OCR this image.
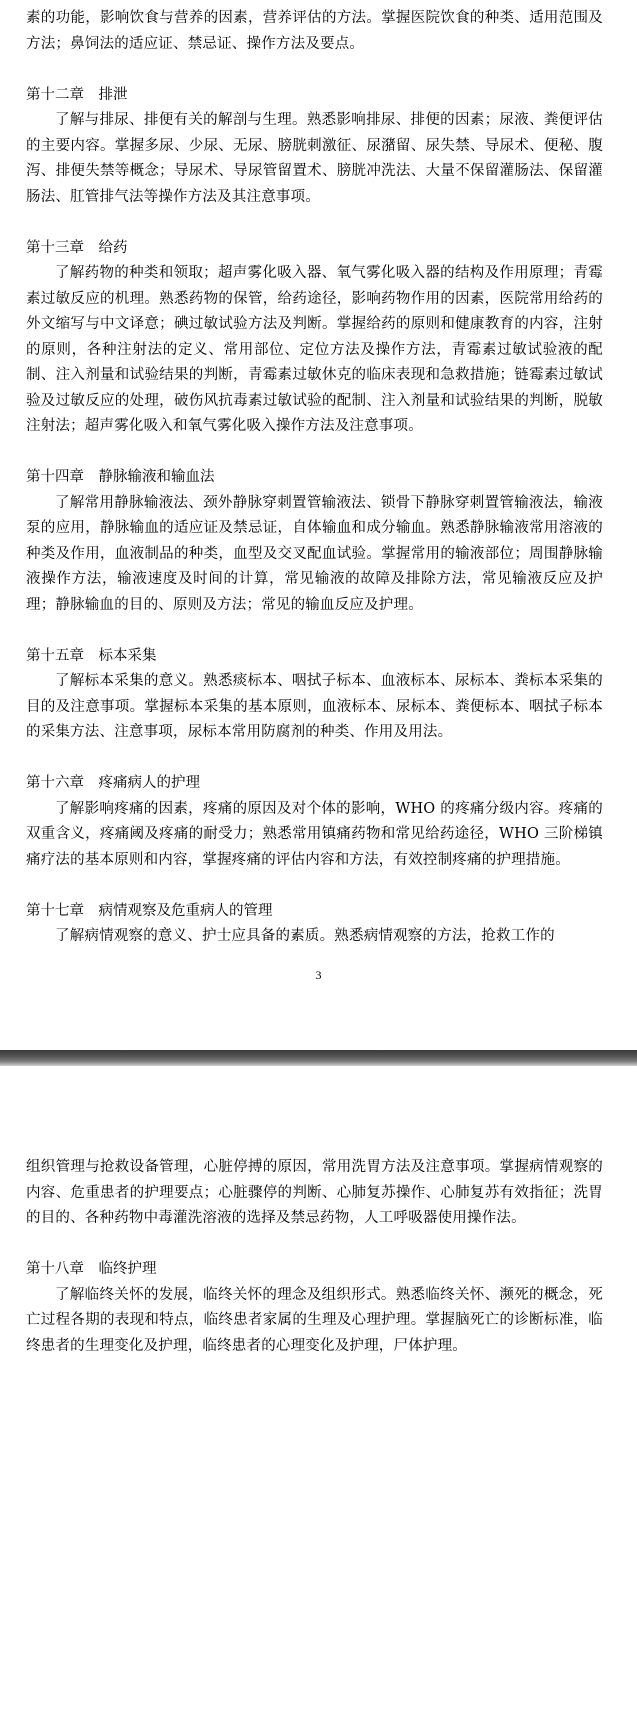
素的功能，影响饮食与营养的因素，营养评估的方法。掌握医院饮食的种类、适用范围及方法；鼻饲法的适应证、禁忌证、操作方法及要点。

第十二章　排泄

了解与排尿、排便有关的解剖与生理。熟悉影响排尿、排便的因素；尿液、粪便评估的主要内容。掌握多尿、少尿、无尿、膀胱刺激征、尿潴留、尿失禁、导尿术、便秘、腹泻、排便失禁等概念；导尿术、导尿管留置术、膀胱冲洗法、大量不保留灌肠法、保留灌肠法、肛管排气法等操作方法及其注意事项。

第十三章　给药

了解药物的种类和领取；超声雾化吸入器、氧气雾化吸入器的结构及作用原理；青霉素过敏反应的机理。熟悉药物的保管，给药途径，影响药物作用的因素，医院常用给药的外文缩写与中文译意；碘过敏试验方法及判断。掌握给药的原则和健康教育的内容，注射的原则，各种注射法的定义、常用部位、定位方法及操作方法，青霉素过敏试验液的配制、注入剂量和试验结果的判断，青霉素过敏休克的临床表现和急救措施；链霉素过敏试验及过敏反应的处理，破伤风抗毒素过敏试验的配制、注入剂量和试验结果的判断，脱敏注射法；超声雾化吸入和氧气雾化吸入操作方法及注意事项。

第十四章　静脉输液和输血法

了解常用静脉输液法、颈外静脉穿刺置管输液法、锁骨下静脉穿刺置管输液法，输液泵的应用，静脉输血的适应证及禁忌证，自体输血和成分输血。熟悉静脉输液常用溶液的种类及作用，血液制品的种类，血型及交叉配血试验。掌握常用的输液部位；周围静脉输液操作方法，输液速度及时间的计算，常见输液的故障及排除方法，常见输液反应及护理；静脉输血的目的、原则及方法；常见的输血反应及护理。

第十五章　标本采集

了解标本采集的意义。熟悉痰标本、咽拭子标本、血液标本、尿标本、粪标本采集的目的及注意事项。掌握标本采集的基本原则，血液标本、尿标本、粪便标本、咽拭子标本的采集方法、注意事项，尿标本常用防腐剂的种类、作用及用法。

第十六章　疼痛病人的护理

了解影响疼痛的因素，疼痛的原因及对个体的影响，WHO 的疼痛分级内容。疼痛的双重含义，疼痛阈及疼痛的耐受力；熟悉常用镇痛药物和常见给药途径，WHO 三阶梯镇痛疗法的基本原则和内容，掌握疼痛的评估内容和方法，有效控制疼痛的护理措施。

第十七章　病情观察及危重病人的管理

了解病情观察的意义、护士应具备的素质。熟悉病情观察的方法，抢救工作的

3

组织管理与抢救设备管理，心脏停搏的原因，常用洗胃方法及注意事项。掌握病情观察的内容、危重患者的护理要点；心脏骤停的判断、心肺复苏操作、心肺复苏有效指征；洗胃的目的、各种药物中毒灌洗溶液的选择及禁忌药物，人工呼吸器使用操作法。

第十八章　临终护理

了解临终关怀的发展，临终关怀的理念及组织形式。熟悉临终关怀、濒死的概念，死亡过程各期的表现和特点，临终患者家属的生理及心理护理。掌握脑死亡的诊断标准，临终患者的生理变化及护理，临终患者的心理变化及护理，尸体护理。
